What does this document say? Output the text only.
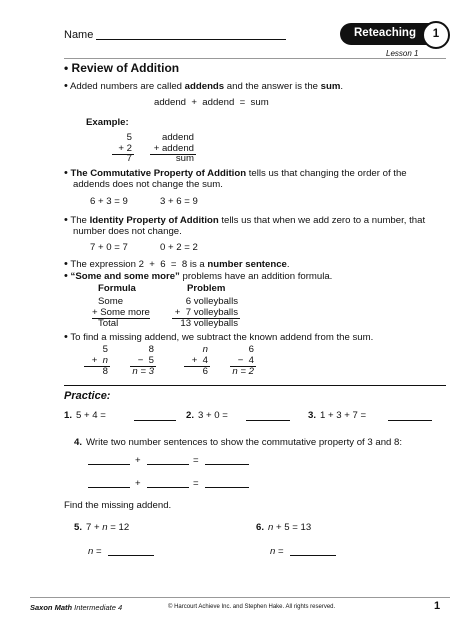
Name	Reteaching	1
Lesson 1
• Review of Addition
• Added numbers are called addends and the answer is the sum.
addend  +  addend  =  sum
Example:
5
+ 2
7
addend
+ addend
sum
• The Commutative Property of Addition tells us that changing the order of the
addends does not change the sum.
6 + 3 = 9	3 + 6 = 9
• The Identity Property of Addition tells us that when we add zero to a number, that
number does not change.
7 + 0 = 7	0 + 2 = 2
• The expression 2  +  6  =  8 is a number sentence.
• “Some and some more” problems have an addition formula.
Formula	Problem
Some	6 volleyballs
+ Some more	+  7 volleyballs
Total	13 volleyballs
• To find a missing addend, we subtract the known addend from the sum.
5
+ n
8
8
−  5
n = 3
n
+  4
6
6
−  4
n = 2
Practice:
1. 5 + 4 =	2. 3 + 0 =	3. 1 + 3 + 7 =
4. Write two number sentences to show the commutative property of 3 and 8:
+	=
+	=
Find the missing addend.
5. 7 + n = 12	6. n + 5 = 13
n =	n =
Saxon Math Intermediate 4	© Harcourt Achieve Inc. and Stephen Hake. All rights reserved.	1
